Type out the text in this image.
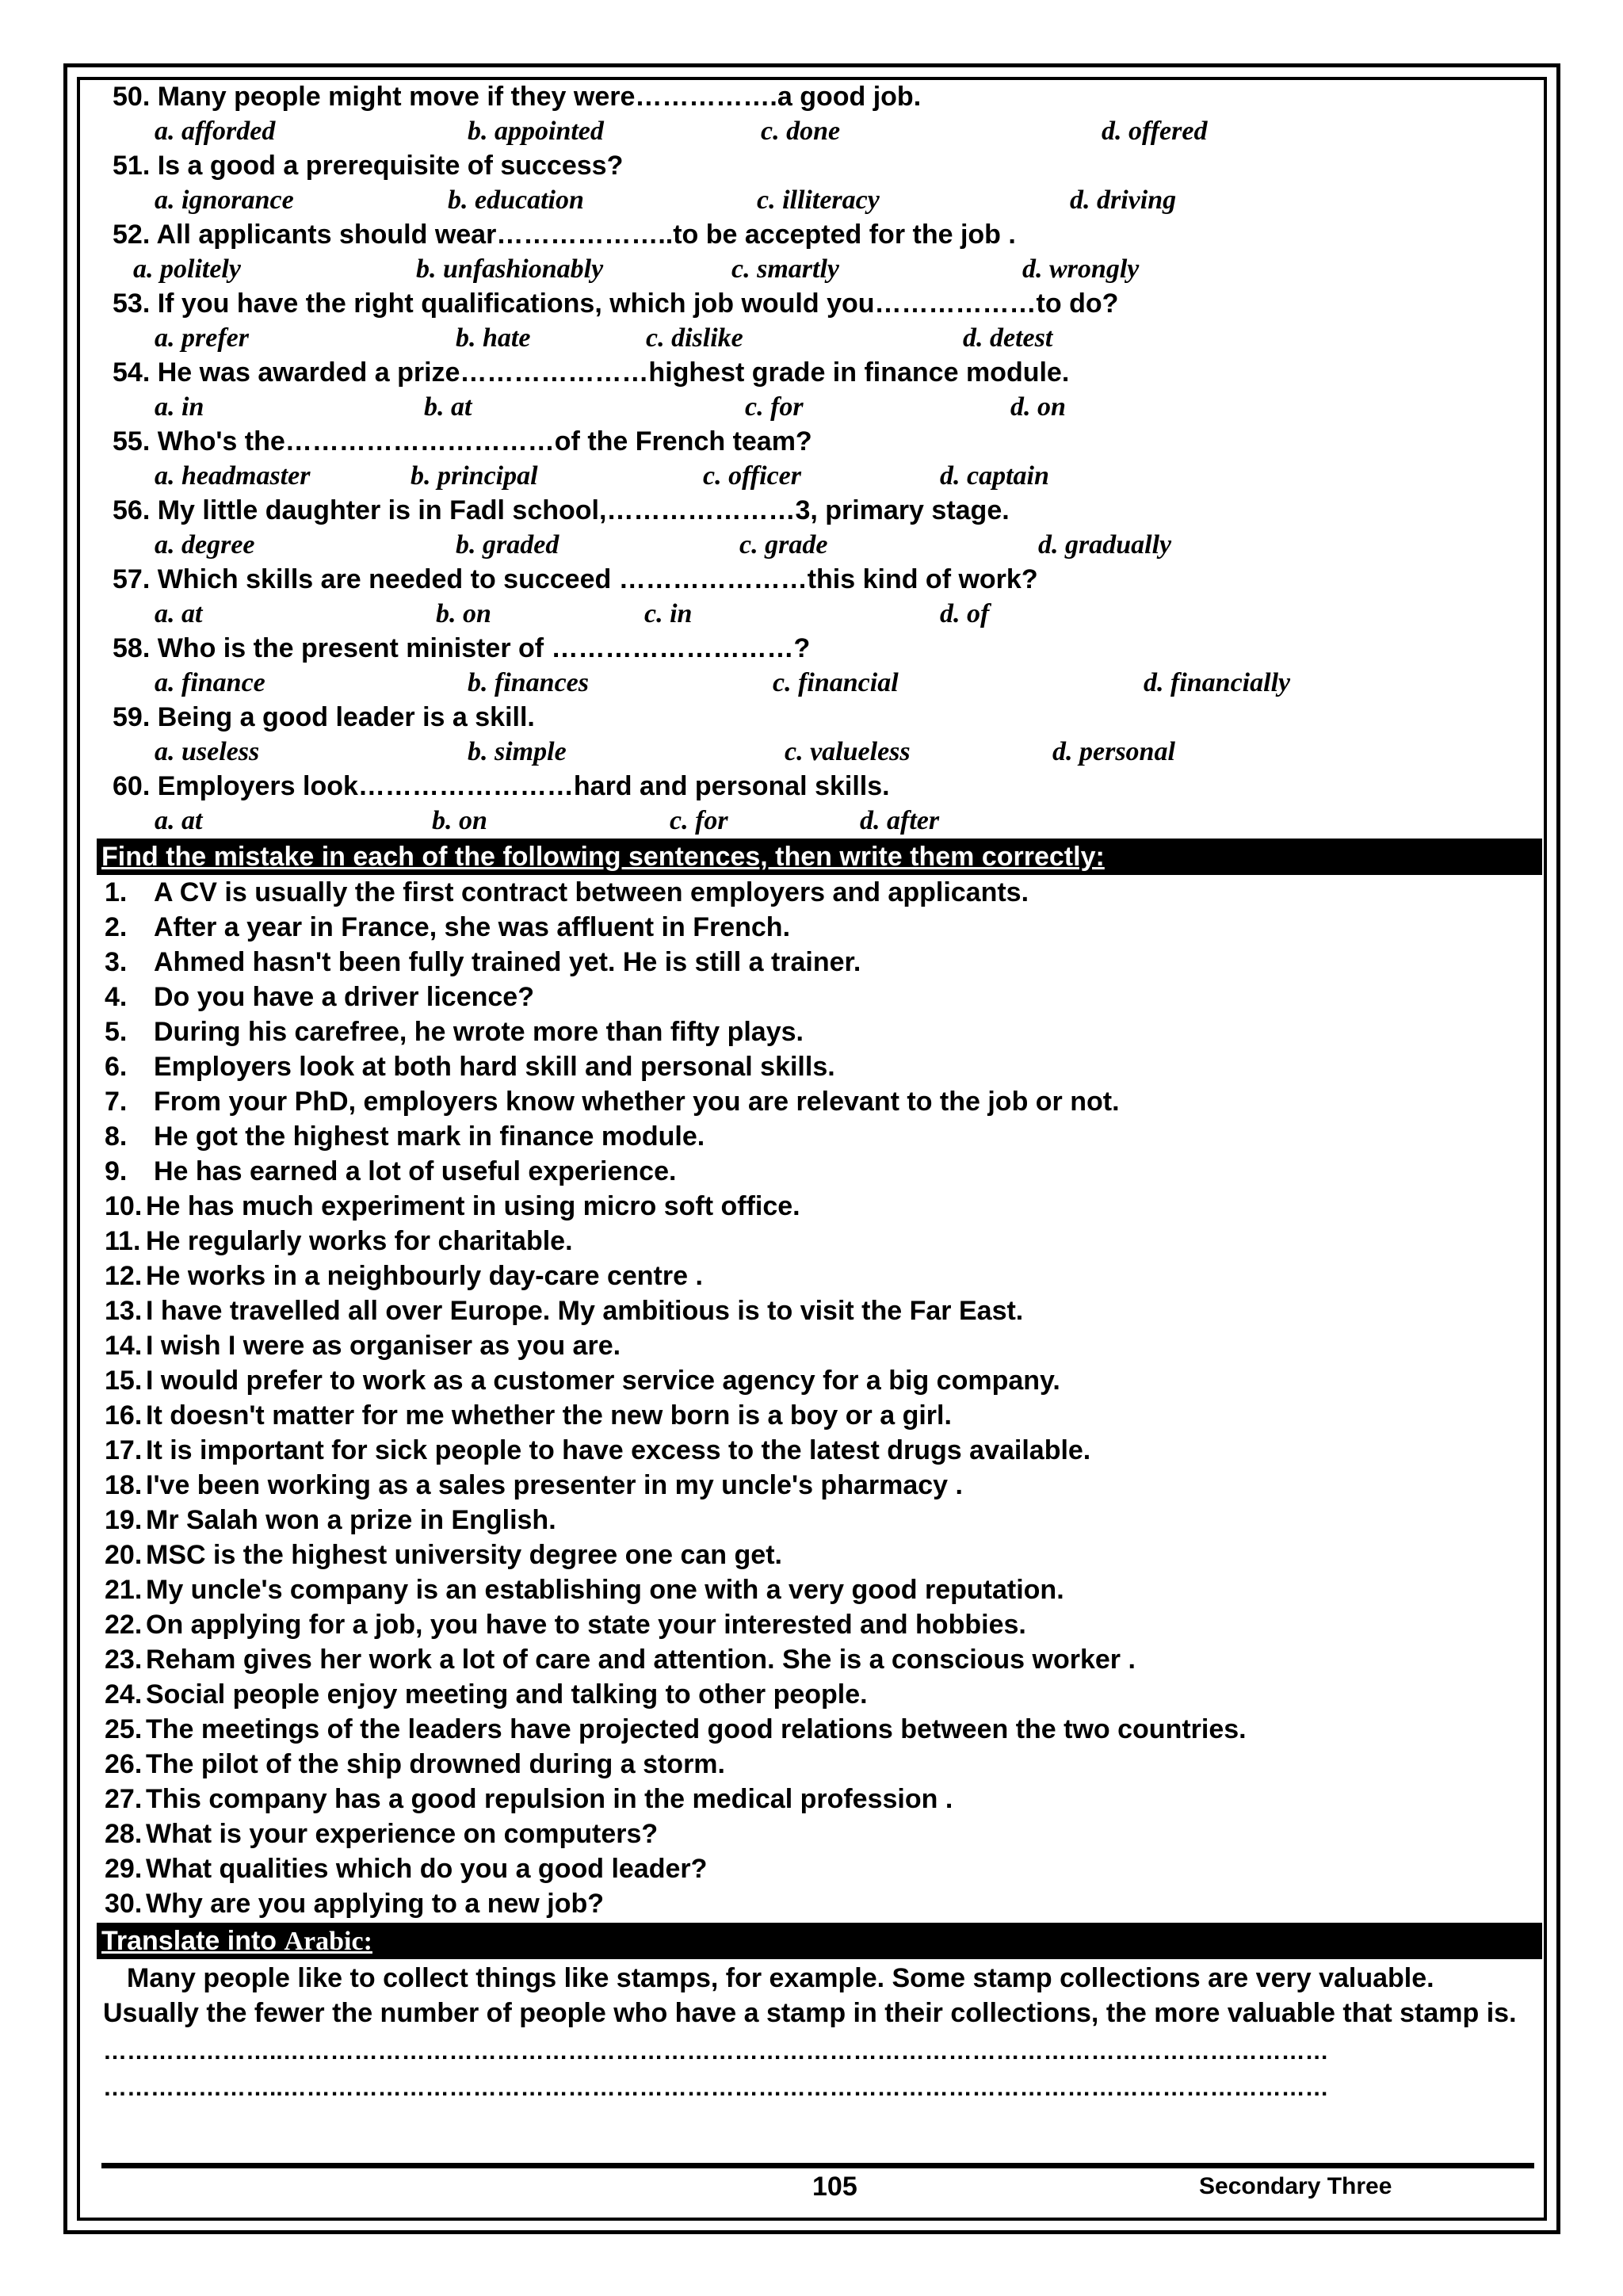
50. Many people might move if they were…………….a good job.
a. afforded	b. appointed	c. done	d. offered
51. Is a good a prerequisite of success?
a. ignorance	b. education	c. illiteracy	d. driving
52. All applicants should wear………………..to be accepted for the job .
a. politely	b. unfashionably	c. smartly	d. wrongly
53. If you have the right qualifications, which job would you………………to do?
a. prefer	b. hate	c. dislike	d. detest
54. He was awarded a prize…………………highest grade in finance module.
a. in	b. at	c. for	d. on
55. Who's the…………………………of the French team?
a. headmaster	b. principal	c. officer	d. captain
56. My little daughter is in Fadl school,…………………3, primary stage.
a. degree	b. graded	c. grade	d. gradually
57. Which skills are needed to succeed …………………this kind of work?
a. at	b. on	c. in	d. of
58. Who is the present minister of ………………………?
a. finance	b. finances	c. financial	d. financially
59. Being a good leader is a skill.
a. useless	b. simple	c. valueless	d. personal
60. Employers look……………………hard and personal skills.
a. at	b. on	c. for	d. after
Find the mistake in each of the following sentences, then write them correctly:
1. A CV is usually the first contract between employers and applicants.
2. After a year in France, she was affluent in French.
3. Ahmed hasn't been fully trained yet. He is still a trainer.
4. Do you have a driver licence?
5. During his carefree, he wrote more than fifty plays.
6. Employers look at both hard skill and personal skills.
7. From your PhD, employers know whether you are relevant to the job or not.
8. He got the highest mark in finance module.
9. He has earned a lot of useful experience.
10. He has much experiment in using micro soft office.
11. He regularly works for charitable.
12. He works in a neighbourly day-care centre .
13. I have travelled all over Europe. My ambitious is to visit the Far East.
14. I wish I were as organiser as you are.
15. I would prefer to work as a customer service agency for a big company.
16. It doesn't matter for me whether the new born is a boy or a girl.
17. It is important for sick people to have excess to the latest drugs available.
18. I've been working as a sales presenter in my uncle's pharmacy .
19. Mr Salah won a prize in English.
20. MSC is the highest university degree one can get.
21. My uncle's company is an establishing one with a very good reputation.
22. On applying for a job, you have to state your interested and hobbies.
23. Reham gives her work a lot of care and attention. She is a conscious worker .
24. Social people enjoy meeting and talking to other people.
25. The meetings of the leaders have projected good relations between the two countries.
26. The pilot of the ship drowned during a storm.
27. This company has a good repulsion in the medical profession .
28. What is your experience on computers?
29. What qualities which do you a good leader?
30. Why are you applying to a new job?
Translate into Arabic:
Many people like to collect things like stamps, for example. Some stamp collections are very valuable. Usually the fewer the number of people who have a stamp in their collections, the more valuable that stamp is.
…………………..……………………………………………………………………………………………………………………
…………………..……………………………………………………………………………………………………………………
105	Secondary Three
